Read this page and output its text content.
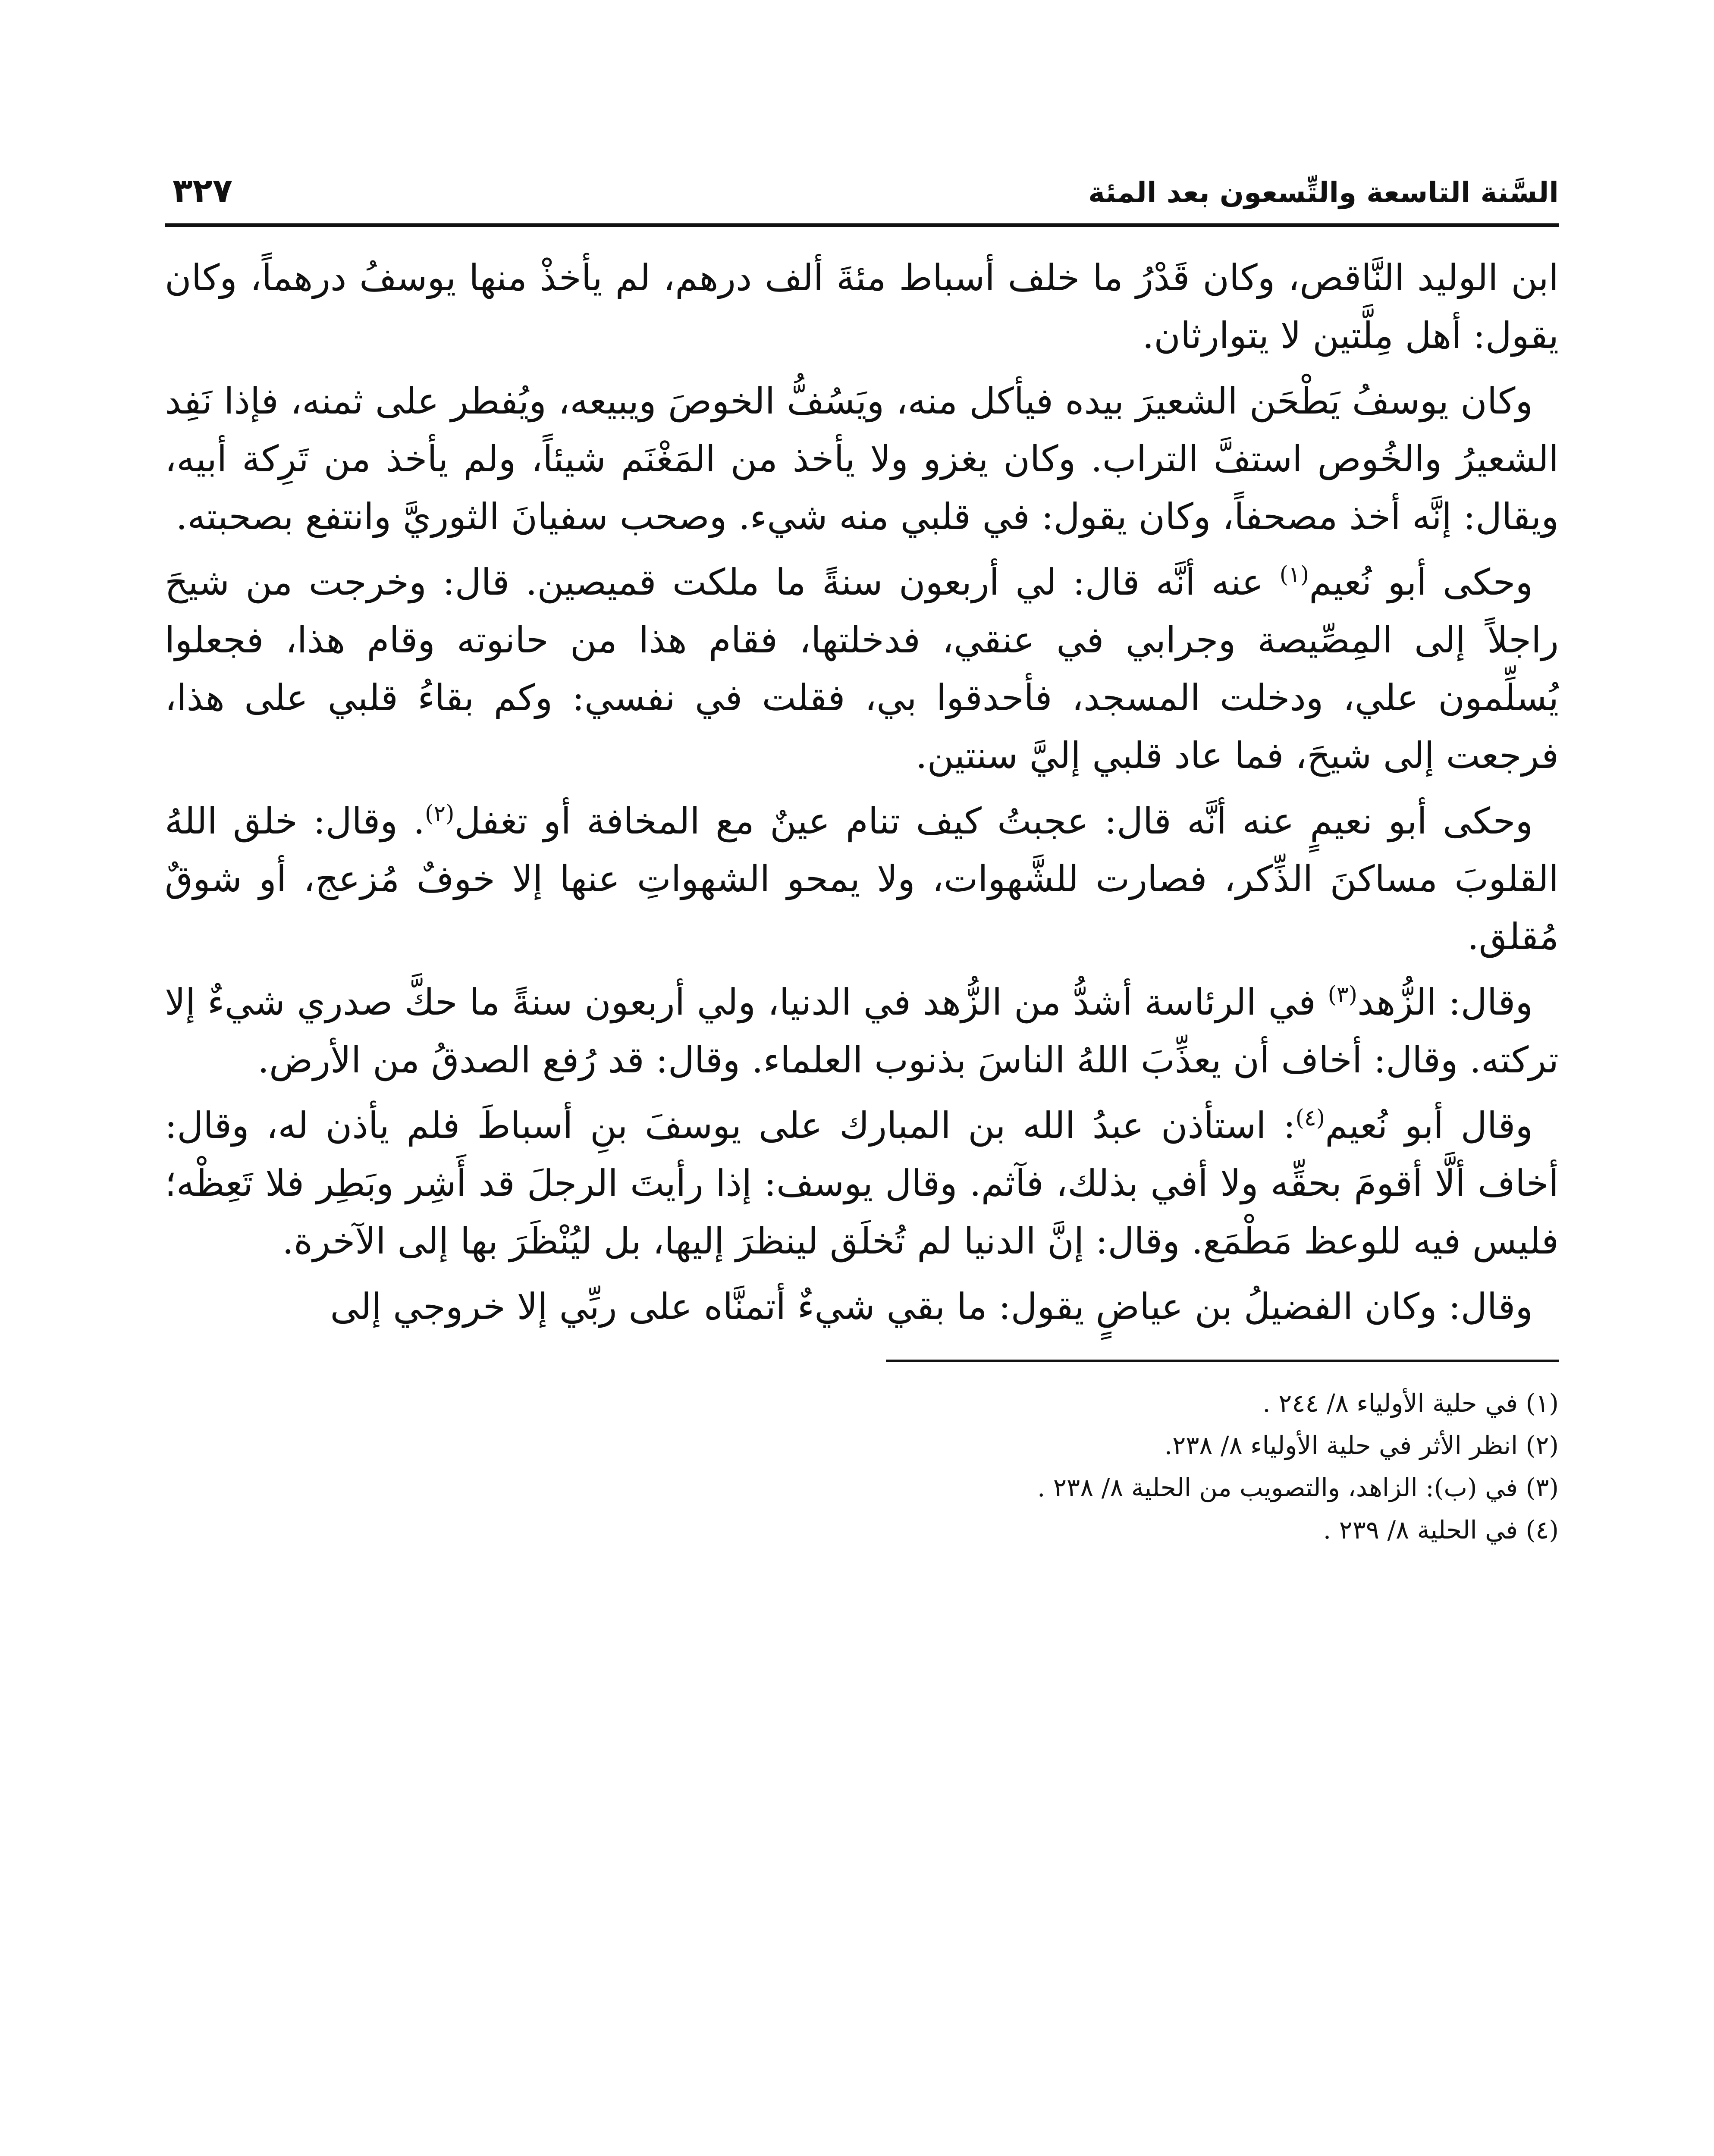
السَّنة التاسعة والتِّسعون بعد المئة
٣٢٧

ابن الوليد النَّاقص، وكان قَدْرُ ما خلف أسباط مئةَ ألف درهم، لم يأخذْ منها يوسفُ درهماً، وكان يقول: أهل مِلَّتين لا يتوارثان.

وكان يوسفُ يَطْحَن الشعيرَ بيده فيأكل منه، ويَسُفُّ الخوصَ ويبيعه، ويُفطر على ثمنه، فإذا نَفِد الشعيرُ والخُوص استفَّ التراب. وكان يغزو ولا يأخذ من المَغْنَم شيئاً، ولم يأخذ من تَرِكة أبيه، ويقال: إنَّه أخذ مصحفاً، وكان يقول: في قلبي منه شيء. وصحب سفيانَ الثوريَّ وانتفع بصحبته.

وحكى أبو نُعيم$^{(١)}$ عنه أنَّه قال: لي أربعون سنةً ما ملكت قميصين. قال: وخرجت من شيحَ راجلاً إلى المِصِّيصة وجرابي في عنقي، فدخلتها، فقام هذا من حانوته وقام هذا، فجعلوا يُسلِّمون علي، ودخلت المسجد، فأحدقوا بي، فقلت في نفسي: وكم بقاءُ قلبي على هذا، فرجعت إلى شيحَ، فما عاد قلبي إليَّ سنتين.

وحكى أبو نعيمٍ عنه أنَّه قال: عجبتُ كيف تنام عينٌ مع المخافة أو تغفل$^{(٢)}$. وقال: خلق اللهُ القلوبَ مساكنَ الذِّكر، فصارت للشَّهوات، ولا يمحو الشهواتِ عنها إلا خوفٌ مُزعج، أو شوقٌ مُقلق.

وقال: الزُّهد$^{(٣)}$ في الرئاسة أشدُّ من الزُّهد في الدنيا، ولي أربعون سنةً ما حكَّ صدري شيءٌ إلا تركته. وقال: أخاف أن يعذِّبَ اللهُ الناسَ بذنوب العلماء. وقال: قد رُفع الصدقُ من الأرض.

وقال أبو نُعيم$^{(٤)}$: استأذن عبدُ الله بن المبارك على يوسفَ بنِ أسباطَ فلم يأذن له، وقال: أخاف ألَّا أقومَ بحقِّه ولا أفي بذلك، فآثم. وقال يوسف: إذا رأيتَ الرجلَ قد أَشِر وبَطِر فلا تَعِظْه؛ فليس فيه للوعظ مَطْمَع. وقال: إنَّ الدنيا لم تُخلَق لينظرَ إليها، بل ليُنْظَرَ بها إلى الآخرة.

وقال: وكان الفضيلُ بن عياضٍ يقول: ما بقي شيءٌ أتمنَّاه على ربِّي إلا خروجي إلى

(١) في حلية الأولياء ٨/ ٢٤٤ .

(٢) انظر الأثر في حلية الأولياء ٨/ ٢٣٨.

(٣) في (ب): الزاهد، والتصويب من الحلية ٨/ ٢٣٨ .

(٤) في الحلية ٨/ ٢٣٩ .
